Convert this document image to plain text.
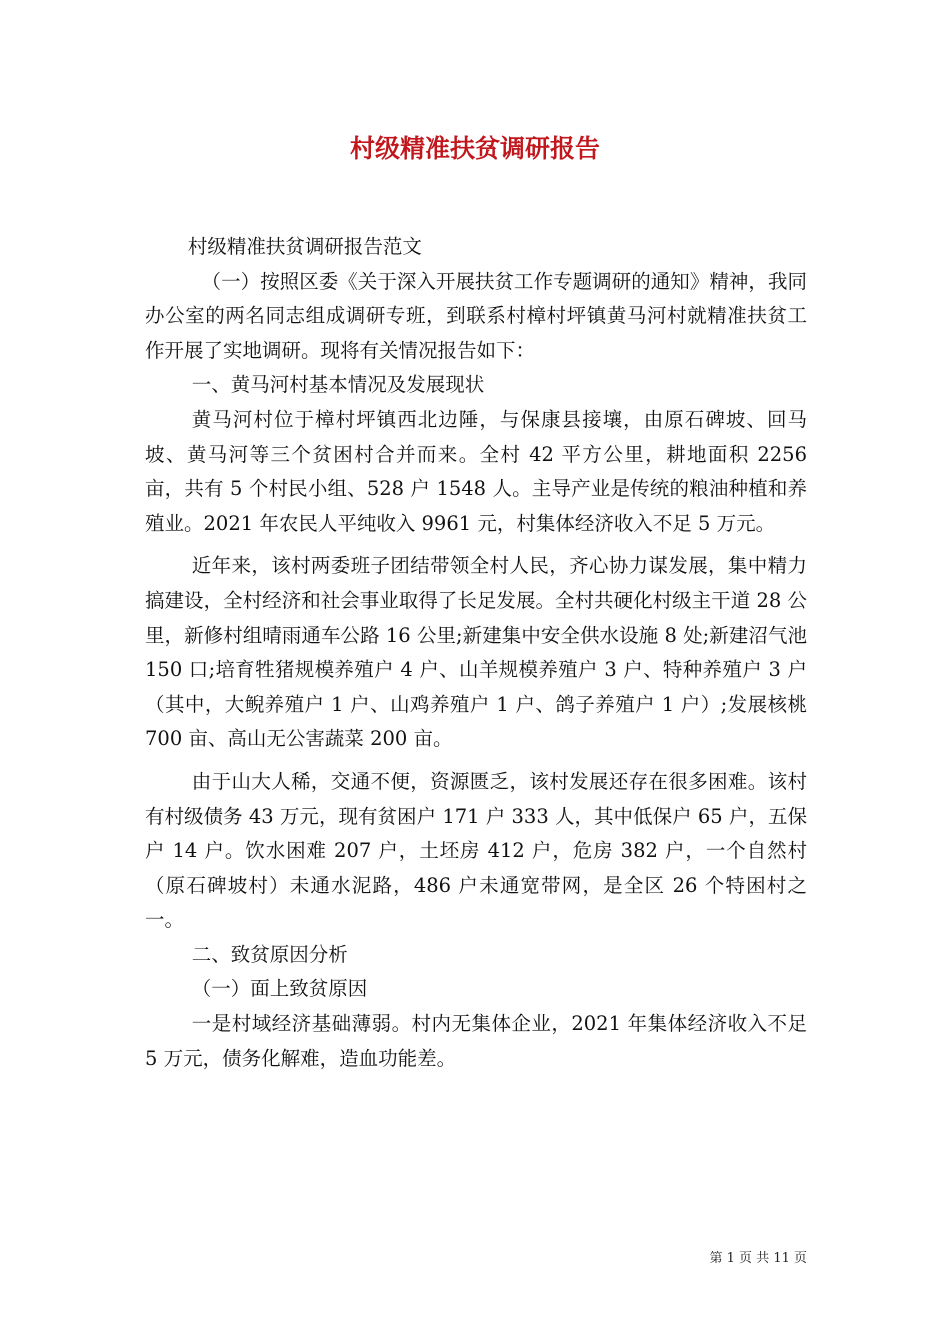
村级精准扶贫调研报告

村级精准扶贫调研报告范文

（一）按照区委《关于深入开展扶贫工作专题调研的通知》精神，我同办公室的两名同志组成调研专班，到联系村樟村坪镇黄马河村就精准扶贫工作开展了实地调研。现将有关情况报告如下：

一、黄马河村基本情况及发展现状

黄马河村位于樟村坪镇西北边陲，与保康县接壤，由原石碑坡、回马坡、黄马河等三个贫困村合并而来。全村 42 平方公里，耕地面积 2256 亩，共有 5 个村民小组、528 户 1548 人。主导产业是传统的粮油种植和养殖业。2021 年农民人平纯收入 9961 元，村集体经济收入不足 5 万元。

近年来，该村两委班子团结带领全村人民，齐心协力谋发展，集中精力搞建设，全村经济和社会事业取得了长足发展。全村共硬化村级主干道 28 公里，新修村组晴雨通车公路 16 公里;新建集中安全供水设施 8 处;新建沼气池 150 口;培育牲猪规模养殖户 4 户、山羊规模养殖户 3 户、特种养殖户 3 户（其中，大鲵养殖户 1 户、山鸡养殖户 1 户、鸽子养殖户 1 户）;发展核桃 700 亩、高山无公害蔬菜 200 亩。

由于山大人稀，交通不便，资源匮乏，该村发展还存在很多困难。该村有村级债务 43 万元，现有贫困户 171 户 333 人，其中低保户 65 户，五保户 14 户。饮水困难 207 户，土坯房 412 户，危房 382 户，一个自然村（原石碑坡村）未通水泥路，486 户未通宽带网，是全区 26 个特困村之一。

二、致贫原因分析

（一）面上致贫原因

一是村域经济基础薄弱。村内无集体企业，2021 年集体经济收入不足 5 万元，债务化解难，造血功能差。

第 1 页 共 11 页
